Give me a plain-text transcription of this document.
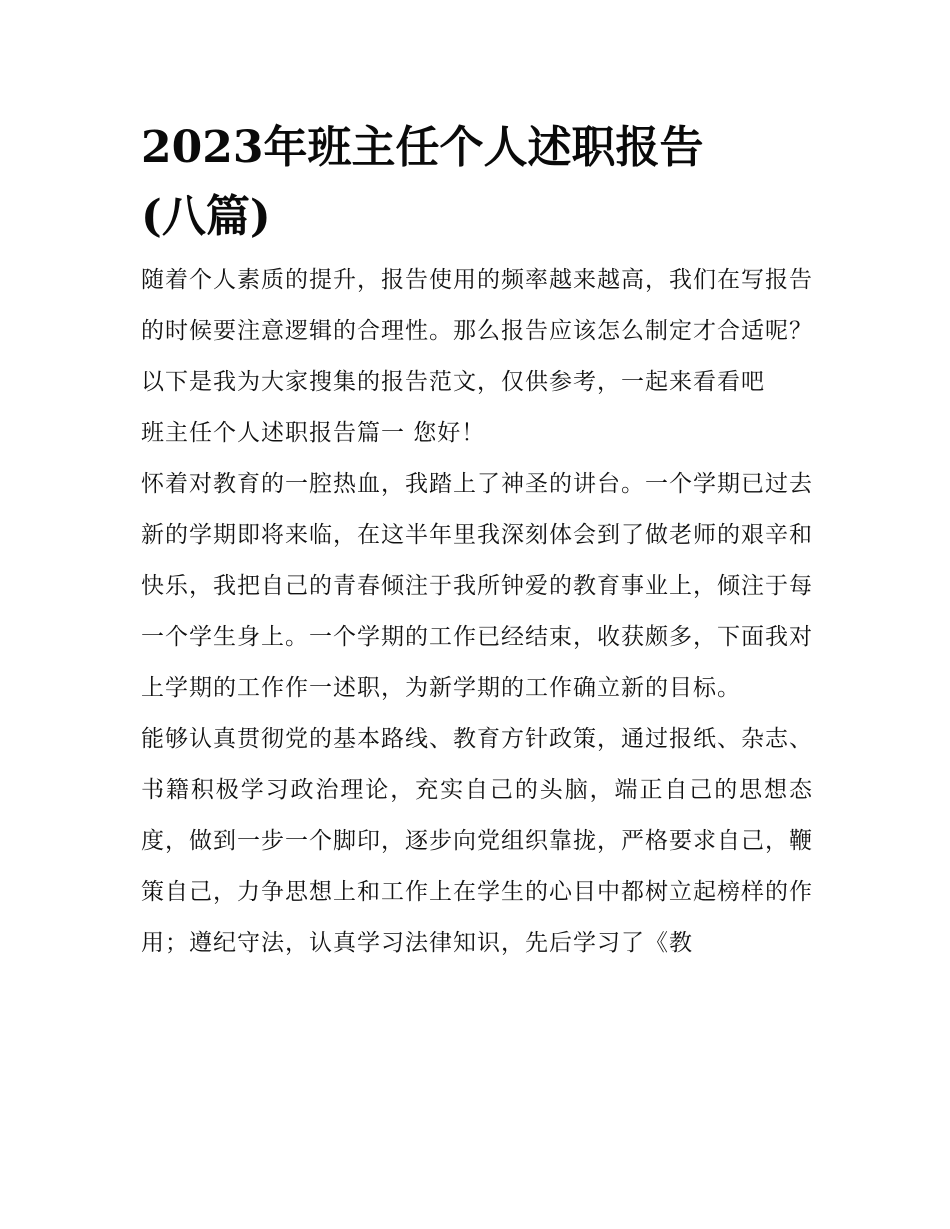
2023年班主任个人述职报告(八篇)

随着个人素质的提升，报告使用的频率越来越高，我们在写报告的时候要注意逻辑的合理性。那么报告应该怎么制定才合适呢？以下是我为大家搜集的报告范文，仅供参考，一起来看看吧

班主任个人述职报告篇一 您好！

怀着对教育的一腔热血，我踏上了神圣的讲台。一个学期已过去新的学期即将来临，在这半年里我深刻体会到了做老师的艰辛和快乐，我把自己的青春倾注于我所钟爱的教育事业上，倾注于每一个学生身上。一个学期的工作已经结束，收获颇多，下面我对上学期的工作作一述职，为新学期的工作确立新的目标。

能够认真贯彻党的基本路线、教育方针政策，通过报纸、杂志、书籍积极学习政治理论，充实自己的头脑，端正自己的思想态度，做到一步一个脚印，逐步向党组织靠拢，严格要求自己，鞭策自己，力争思想上和工作上在学生的心目中都树立起榜样的作用；遵纪守法，认真学习法律知识，先后学习了《教
